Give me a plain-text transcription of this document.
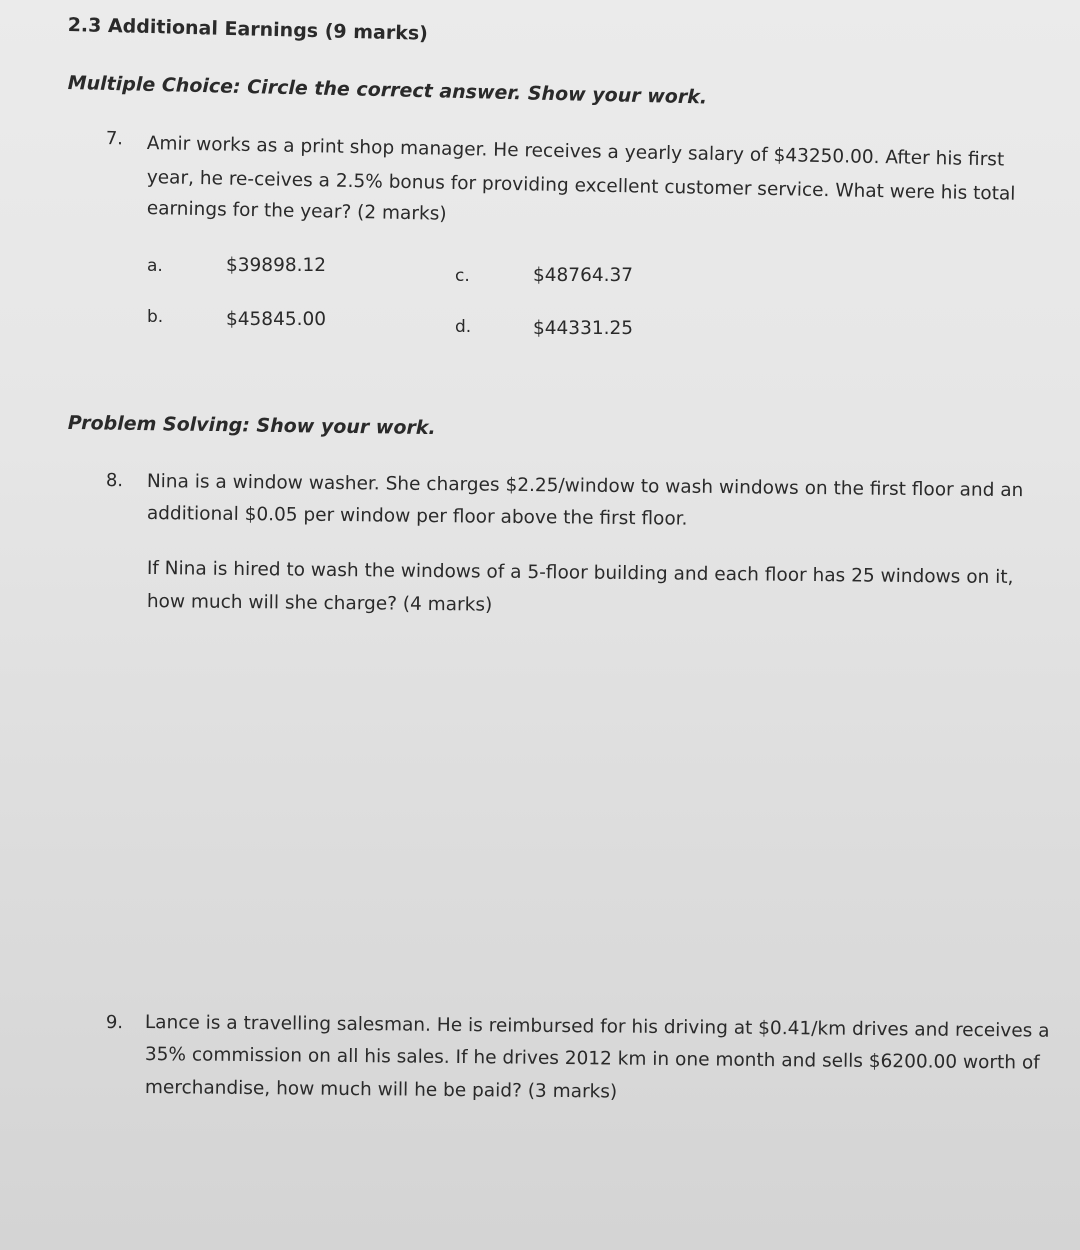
2.3 Additional Earnings (9 marks)
Multiple Choice: Circle the correct answer. Show your work.
7. Amir works as a print shop manager. He receives a yearly salary of $43250.00. After his first
year, he re-ceives a 2.5% bonus for providing excellent customer service. What were his total
earnings for the year? (2 marks)
a.	$39898.12
b.	$45845.00
c.	$48764.37
d.	$44331.25
Problem Solving: Show your work.
8. Nina is a window washer. She charges $2.25/window to wash windows on the first floor and an
additional $0.05 per window per floor above the first floor.
If Nina is hired to wash the windows of a 5-floor building and each floor has 25 windows on it,
how much will she charge? (4 marks)
9. Lance is a travelling salesman. He is reimbursed for his driving at $0.41/km drives and receives a
35% commission on all his sales. If he drives 2012 km in one month and sells $6200.00 worth of
merchandise, how much will he be paid? (3 marks)
